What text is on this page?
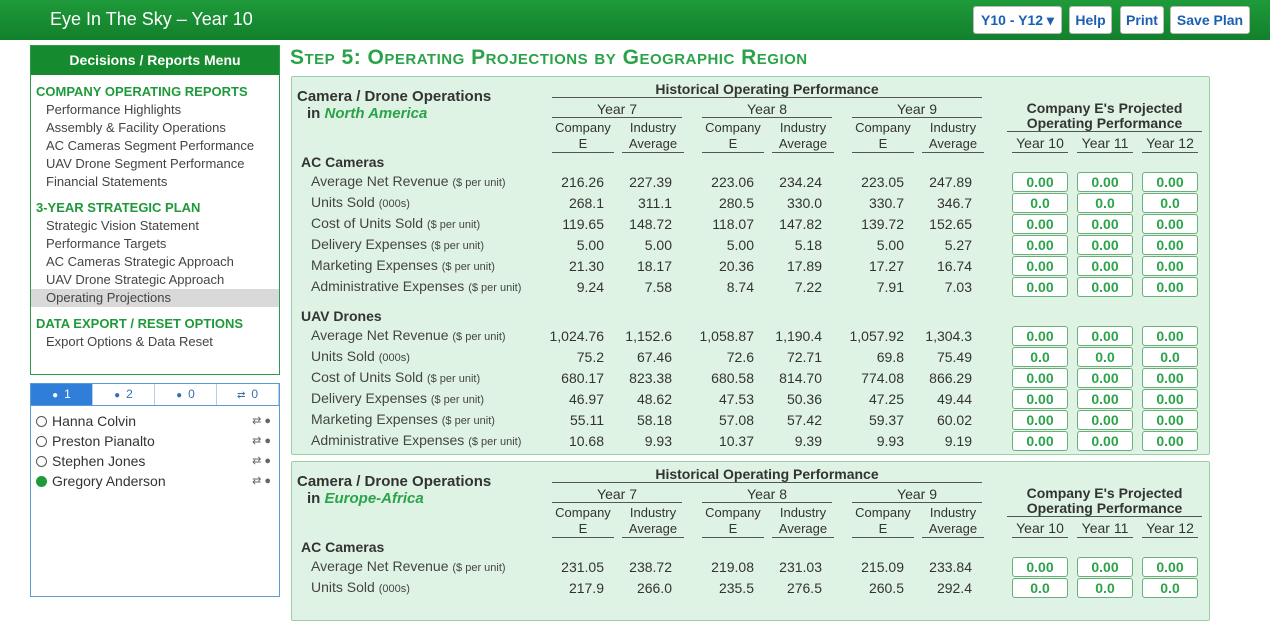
Eye In The Sky – Year 10	Y10 - Y12 ▾	Help	Print	Save Plan
Decisions / Reports Menu
COMPANY OPERATING REPORTS
Performance Highlights
Assembly & Facility Operations
AC Cameras Segment Performance
UAV Drone Segment Performance
Financial Statements
3-YEAR STRATEGIC PLAN
Strategic Vision Statement
Performance Targets
AC Cameras Strategic Approach
UAV Drone Strategic Approach
Operating Projections
DATA EXPORT / RESET OPTIONS
Export Options & Data Reset
● 1	● 2	● 0	⇄ 0
Hanna Colvin	⇄ ●
Preston Pianalto	⇄ ●
Stephen Jones	⇄ ●
Gregory Anderson	⇄ ●
Step 5: Operating Projections by Geographic Region
Camera / Drone Operations
in North America
Historical Operating Performance
Year 7	Year 8	Year 9
Company
E
Industry
Average
Company
E
Industry
Average
Company
E
Industry
Average
Company E's Projected
Operating Performance
Year 10	Year 11	Year 12
AC Cameras
Average Net Revenue ($ per unit)	216.26	227.39	223.06	234.24	223.05	247.89	0.00	0.00	0.00
Units Sold (000s)	268.1	311.1	280.5	330.0	330.7	346.7	0.0	0.0	0.0
Cost of Units Sold ($ per unit)	119.65	148.72	118.07	147.82	139.72	152.65	0.00	0.00	0.00
Delivery Expenses ($ per unit)	5.00	5.00	5.00	5.18	5.00	5.27	0.00	0.00	0.00
Marketing Expenses ($ per unit)	21.30	18.17	20.36	17.89	17.27	16.74	0.00	0.00	0.00
Administrative Expenses ($ per unit)	9.24	7.58	8.74	7.22	7.91	7.03	0.00	0.00	0.00
UAV Drones
Average Net Revenue ($ per unit)	1,024.76	1,152.6	1,058.87	1,190.4	1,057.92	1,304.3	0.00	0.00	0.00
Units Sold (000s)	75.2	67.46	72.6	72.71	69.8	75.49	0.0	0.0	0.0
Cost of Units Sold ($ per unit)	680.17	823.38	680.58	814.70	774.08	866.29	0.00	0.00	0.00
Delivery Expenses ($ per unit)	46.97	48.62	47.53	50.36	47.25	49.44	0.00	0.00	0.00
Marketing Expenses ($ per unit)	55.11	58.18	57.08	57.42	59.37	60.02	0.00	0.00	0.00
Administrative Expenses ($ per unit)	10.68	9.93	10.37	9.39	9.93	9.19	0.00	0.00	0.00
Camera / Drone Operations
in Europe-Africa
Historical Operating Performance
Year 7	Year 8	Year 9
Company
E
Industry
Average
Company
E
Industry
Average
Company
E
Industry
Average
Company E's Projected
Operating Performance
Year 10	Year 11	Year 12
AC Cameras
Average Net Revenue ($ per unit)	231.05	238.72	219.08	231.03	215.09	233.84	0.00	0.00	0.00
Units Sold (000s)	217.9	266.0	235.5	276.5	260.5	292.4	0.0	0.0	0.0
